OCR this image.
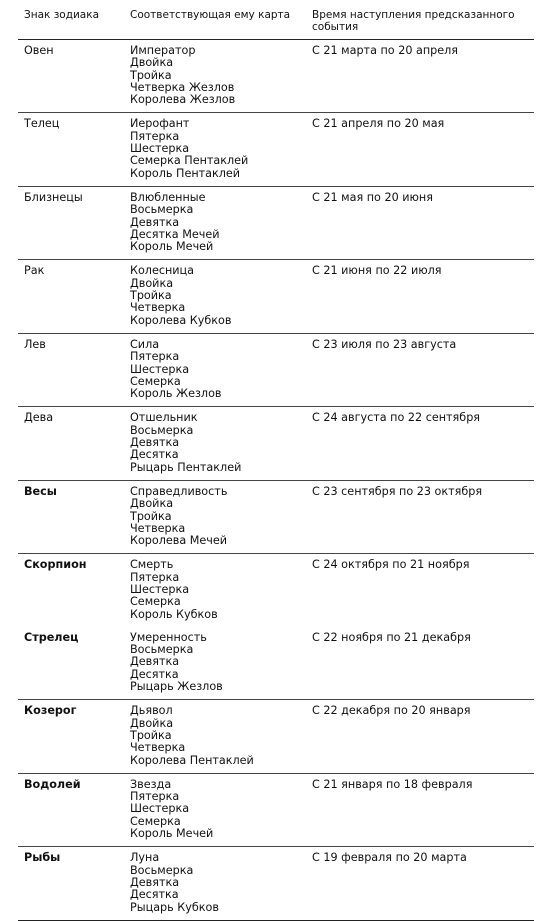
Знак зодиака	Соответствующая ему карта	Время наступления предсказанного события

Овен	Император
Двойка
Тройка
Четверка Жезлов
Королева Жезлов	С 21 марта по 20 апреля

Телец	Иерофант
Пятерка
Шестерка
Семерка Пентаклей
Король Пентаклей	С 21 апреля по 20 мая

Близнецы	Влюбленные
Восьмерка
Девятка
Десятка Мечей
Король Мечей	С 21 мая по 20 июня

Рак	Колесница
Двойка
Тройка
Четверка
Королева Кубков	С 21 июня по 22 июля

Лев	Сила
Пятерка
Шестерка
Семерка
Король Жезлов	С 23 июля по 23 августа

Дева	Отшельник
Восьмерка
Девятка
Десятка
Рыцарь Пентаклей	С 24 августа по 22 сентября

Весы	Справедливость
Двойка
Тройка
Четверка
Королева Мечей	С 23 сентября по 23 октября

Скорпион	Смерть
Пятерка
Шестерка
Семерка
Король Кубков	С 24 октября по 21 ноября

Стрелец	Умеренность
Восьмерка
Девятка
Десятка
Рыцарь Жезлов	С 22 ноября по 21 декабря

Козерог	Дьявол
Двойка
Тройка
Четверка
Королева Пентаклей	С 22 декабря по 20 января

Водолей	Звезда
Пятерка
Шестерка
Семерка
Король Мечей	С 21 января по 18 февраля

Рыбы	Луна
Восьмерка
Девятка
Десятка
Рыцарь Кубков	С 19 февраля по 20 марта
